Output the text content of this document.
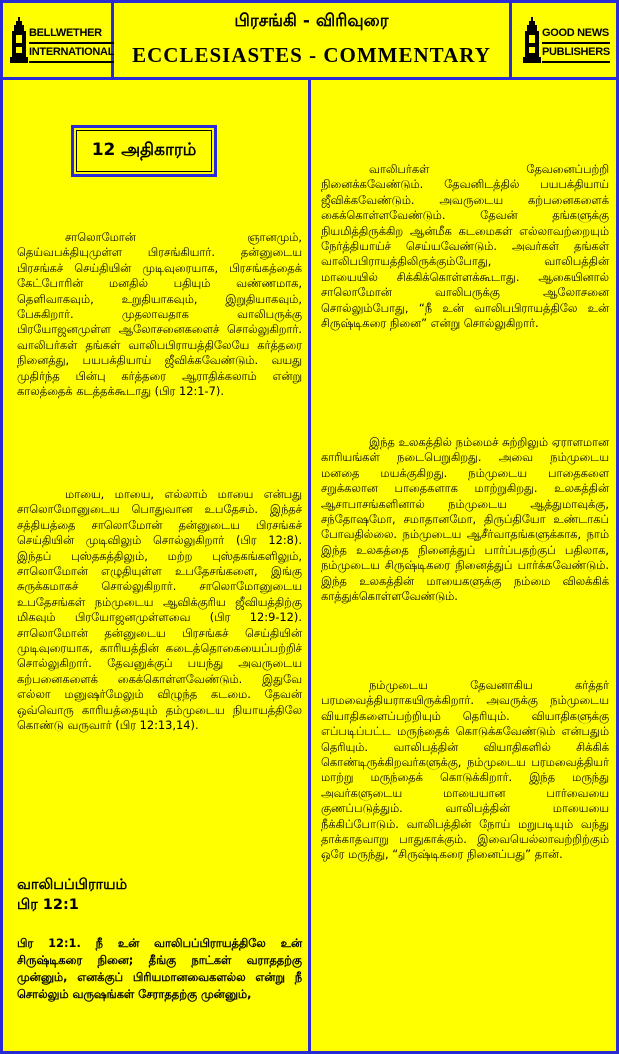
BELLWETHER
INTERNATIONAL
பிரசங்கி - விரிவுரை
ECCLESIASTES - COMMENTARY
GOOD NEWS
PUBLISHERS
12 அதிகாரம்
சாலொமோன் ஞானமும், தெய்வபக்தியுமுள்ள பிரசங்கியார். தன்னுடைய பிரசங்கச் செய்தியின் முடிவுரையாக, பிரசங்கத்தைக் கேட்போரின் மனதில் பதியும் வண்ணமாக, தெளிவாகவும், உறுதியாகவும், இறுதியாகவும், பேசுகிறார். முதலாவதாக வாலிபருக்கு பிரயோஜனமுள்ள ஆலோசனைகளைச் சொல்லுகிறார். வாலிபர்கள் தங்கள் வாலிபபிராயத்திலேயே கர்த்தரை நினைத்து, பயபக்தியாய் ஜீவிக்கவேண்டும். வயது முதிர்ந்த பின்பு கர்த்தரை ஆராதிக்கலாம் என்று காலத்தைக் கடத்தக்கூடாது (பிர 12:1-7).
மாயை, மாயை, எல்லாம் மாயை என்பது சாலொமோனுடைய பொதுவான உபதேசம். இந்தச் சத்தியத்தை சாலொமோன் தன்னுடைய பிரசங்கச் செய்தியின் முடிவிலும் சொல்லுகிறார் (பிர 12:8). இந்தப் புஸ்தகத்திலும், மற்ற புஸ்தகங்களிலும், சாலொமோன் எழுதியுள்ள உபதேசங்களை, இங்கு சுருக்கமாகச் சொல்லுகிறார். சாலொமோனுடைய உபதேசங்கள் நம்முடைய ஆவிக்குரிய ஜீவியத்திற்கு மிகவும் பிரயோஜனமுள்ளவை (பிர 12:9-12). சாலொமோன் தன்னுடைய பிரசங்கச் செய்தியின் முடிவுரையாக, காரியத்தின் கடைத்தொகையைப்பற்றிச் சொல்லுகிறார். தேவனுக்குப் பயந்து அவருடைய கற்பனைகளைக் கைக்கொள்ளவேண்டும். இதுவே எல்லா மனுஷர்மேலும் விழுந்த கடமை. தேவன் ஒவ்வொரு காரியத்தையும் தம்முடைய நியாயத்திலே கொண்டு வருவார் (பிர 12:13,14).
வாலிபப்பிராயம்
பிர 12:1
பிர 12:1. நீ உன் வாலிபப்பிராயத்திலே உன் சிருஷ்டிகரை நினை; தீங்கு நாட்கள் வராததற்கு முன்னும், எனக்குப் பிரியமானவைகளல்ல என்று நீ சொல்லும் வருஷங்கள் சேராததற்கு முன்னும்,
வாலிபர்கள் தேவனைப்பற்றி நினைக்கவேண்டும். தேவனிடத்தில் பயபக்தியாய் ஜீவிக்கவேண்டும். அவருடைய கற்பனைகளைக் கைக்கொள்ளவேண்டும். தேவன் தங்களுக்கு நியமித்திருக்கிற ஆன்மீக கடமைகள் எல்லாவற்றையும் நேர்த்தியாய்ச் செய்யவேண்டும். அவர்கள் தங்கள் வாலிபபிராயத்திலிருக்கும்போது, வாலிபத்தின் மாயையில் சிக்கிக்கொள்ளக்கூடாது. ஆகையினால் சாலொமோன் வாலிபருக்கு ஆலோசனை சொல்லும்போது, “நீ உன் வாலிபபிராயத்திலே உன் சிருஷ்டிகரை நினை” என்று சொல்லுகிறார்.
இந்த உலகத்தில் நம்மைச் சுற்றிலும் ஏராளமான காரியங்கள் நடைபெறுகிறது. அவை நம்முடைய மனதை மயக்குகிறது. நம்முடைய பாதைகளை சறுக்கலான பாதைகளாக மாற்றுகிறது. உலகத்தின் ஆசாபாசங்களினால் நம்முடைய ஆத்துமாவுக்கு, சந்தோஷமோ, சமாதானமோ, திருப்தியோ உண்டாகப் போவதில்லை. நம்முடைய ஆசீர்வாதங்களுக்காக, நாம் இந்த உலகத்தை நினைத்துப் பார்ப்பதற்குப் பதிலாக, நம்முடைய சிருஷ்டிகரை நினைத்துப் பார்க்கவேண்டும். இந்த உலகத்தின் மாயைகளுக்கு நம்மை விலக்கிக் காத்துக்கொள்ளவேண்டும்.
நம்முடைய தேவனாகிய கர்த்தர் பரமவைத்தியராகயிருக்கிறார். அவருக்கு நம்முடைய வியாதிகளைப்பற்றியும் தெரியும். வியாதிகளுக்கு எப்படிப்பட்ட மருந்தைக் கொடுக்கவேண்டும் என்பதும் தெரியும். வாலிபத்தின் வியாதிகளில் சிக்கிக் கொண்டிருக்கிறவர்களுக்கு, நம்முடைய பரமவைத்தியர் மாற்று மருந்தைக் கொடுக்கிறார். இந்த மருந்து அவர்களுடைய மாயையான பார்வையை குணப்படுத்தும். வாலிபத்தின் மாயையை நீக்கிப்போடும். வாலிபத்தின் நோய் மறுபடியும் வந்து தாக்காதவாறு பாதுகாக்கும். இவையெல்லாவற்றிற்கும் ஒரே மருந்து, “சிருஷ்டிகரை நினைப்பது” தான்.
